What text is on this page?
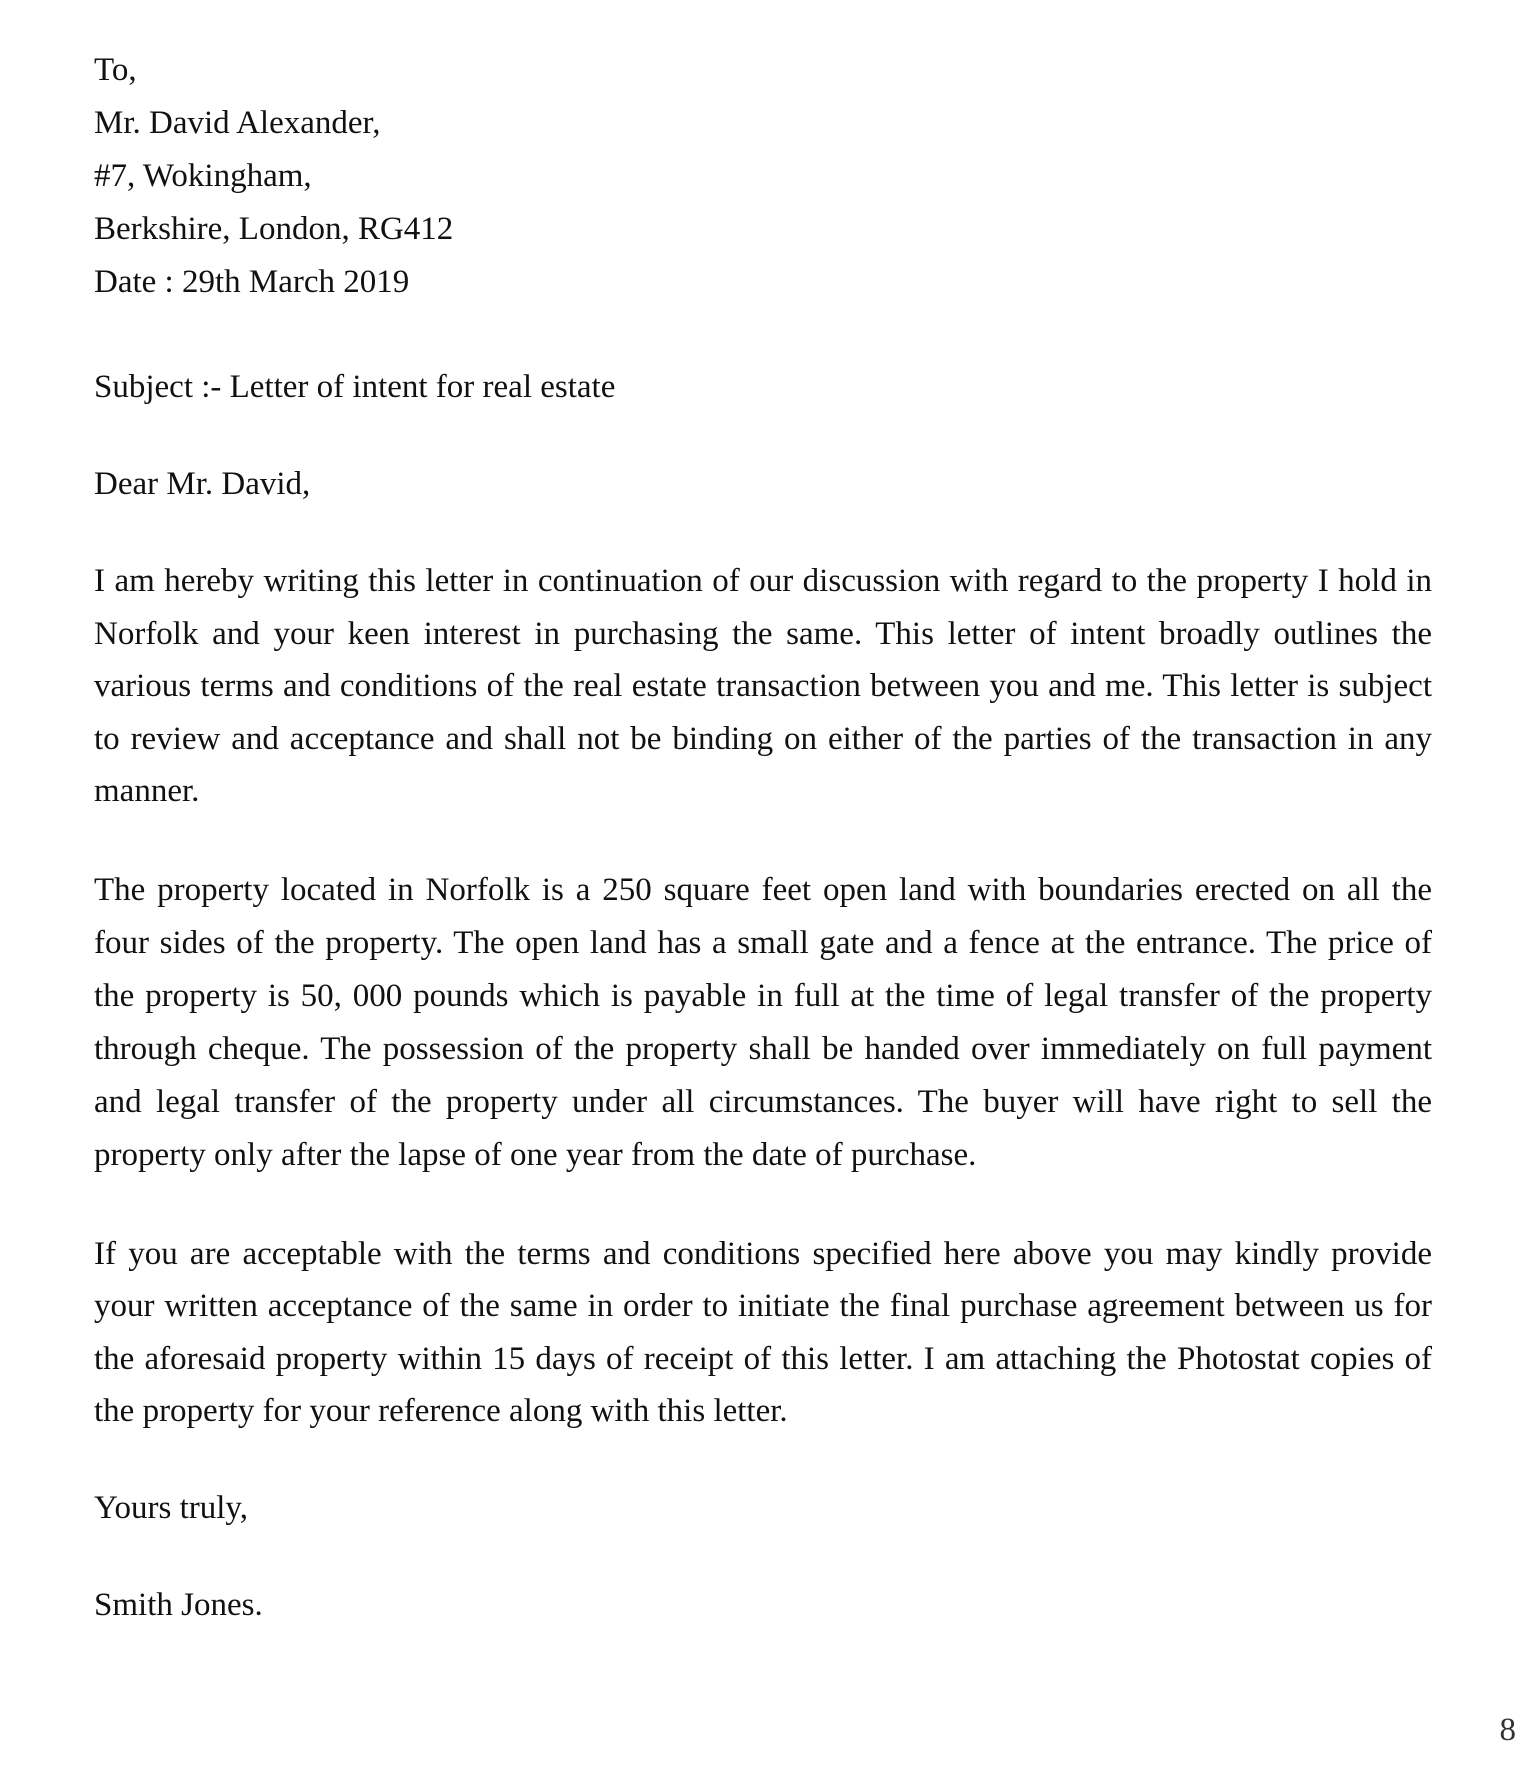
To,
Mr. David Alexander,
#7, Wokingham,
Berkshire, London, RG412
Date : 29th March 2019
Subject :- Letter of intent for real estate
Dear Mr. David,

I am hereby writing this letter in continuation of our discussion with regard to the property I hold in Norfolk and your keen interest in purchasing the same. This letter of intent broadly outlines the various terms and conditions of the real estate transaction between you and me. This letter is subject to review and acceptance and shall not be binding on either of the parties of the transaction in any manner.

The property located in Norfolk is a 250 square feet open land with boundaries erected on all the four sides of the property. The open land has a small gate and a fence at the entrance. The price of the property is 50, 000 pounds which is payable in full at the time of legal transfer of the property through cheque. The possession of the property shall be handed over immediately on full payment and legal transfer of the property under all circumstances. The buyer will have right to sell the property only after the lapse of one year from the date of purchase.

If you are acceptable with the terms and conditions specified here above you may kindly provide your written acceptance of the same in order to initiate the final purchase agreement between us for the aforesaid property within 15 days of receipt of this letter. I am attaching the Photostat copies of the property for your reference along with this letter.

Yours truly,
Smith Jones.
8
